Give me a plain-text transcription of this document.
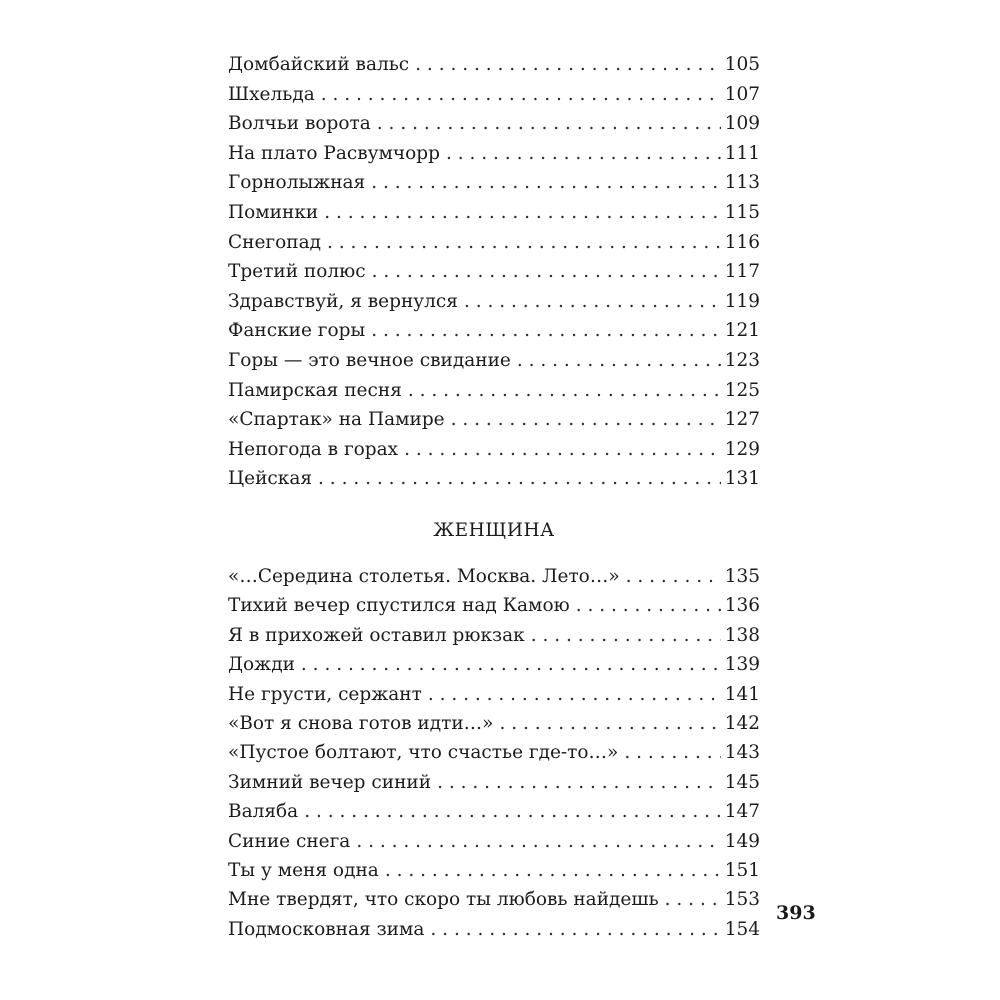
Домбайский вальс . . .	105
Шхельда . . .	107
Волчьи ворота . . .	109
На плато Расвумчорр . . .	111
Горнолыжная . . .	113
Поминки . . .	115
Снегопад . . .	116
Третий полюс . . .	117
Здравствуй, я вернулся . . .	119
Фанские горы . . .	121
Горы — это вечное свидание . . .	123
Памирская песня . . .	125
«Спартак» на Памире . . .	127
Непогода в горах . . .	129
Цейская . . .	131
ЖЕНЩИНА
«…Середина столетья. Москва. Лето…» . . .	135
Тихий вечер спустился над Камою . . .	136
Я в прихожей оставил рюкзак . . .	138
Дожди . . .	139
Не грусти, сержант . . .	141
«Вот я снова готов идти…» . . .	142
«Пустое болтают, что счастье где-то…» . . .	143
Зимний вечер синий . . .	145
Валяба . . .	147
Синие снега . . .	149
Ты у меня одна . . .	151
Мне твердят, что скоро ты любовь найдешь . . .	153
Подмосковная зима . . .	154
393
